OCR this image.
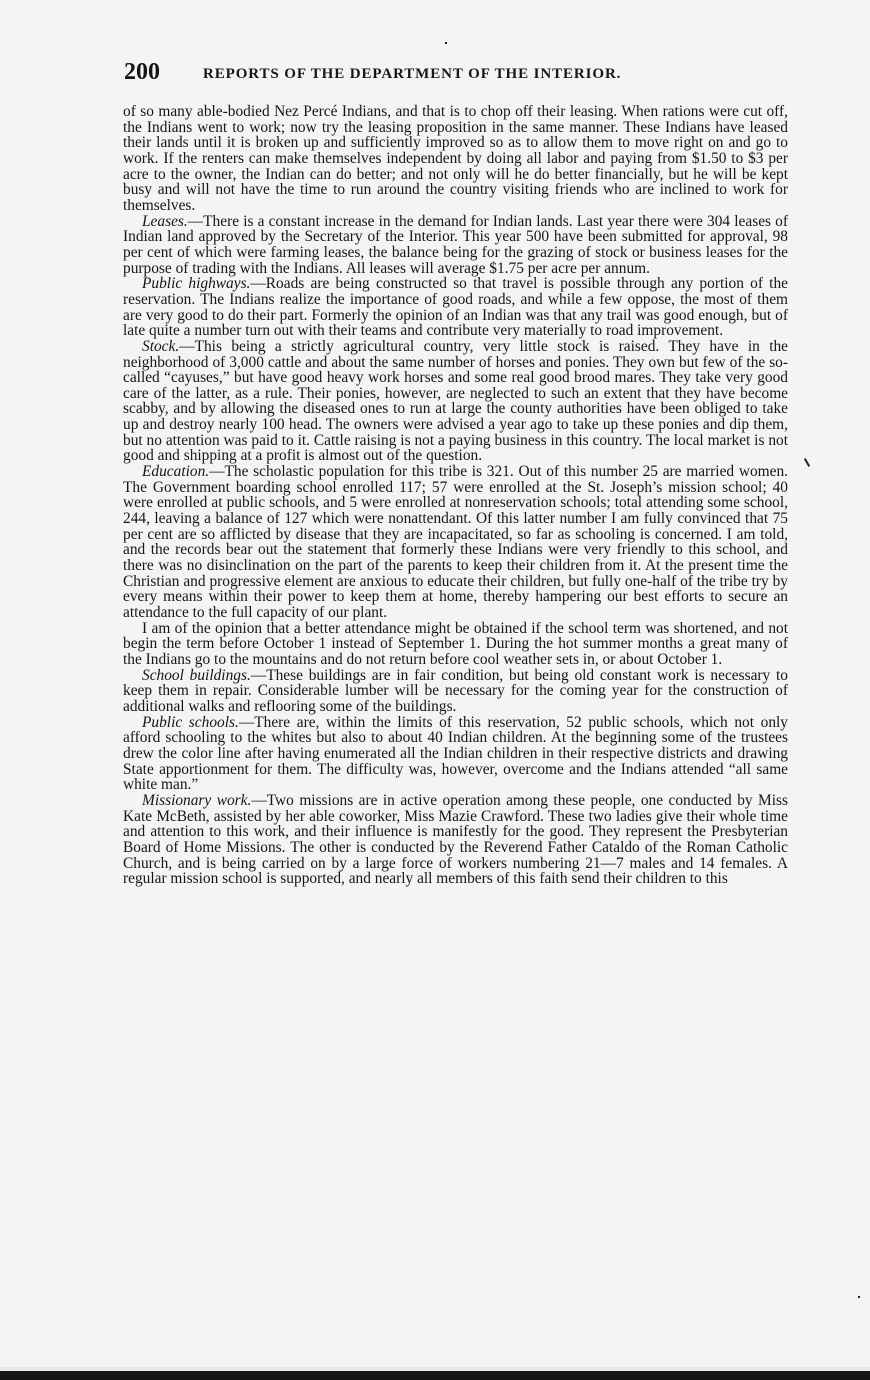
200	REPORTS OF THE DEPARTMENT OF THE INTERIOR.

of so many able-bodied Nez Percé Indians, and that is to chop off their leasing. When rations were cut off, the Indians went to work; now try the leasing proposition in the same manner. These Indians have leased their lands until it is broken up and sufficiently improved so as to allow them to move right on and go to work. If the renters can make themselves independent by doing all labor and paying from $1.50 to $3 per acre to the owner, the Indian can do better; and not only will he do better financially, but he will be kept busy and will not have the time to run around the country visiting friends who are inclined to work for themselves.

Leases.—There is a constant increase in the demand for Indian lands. Last year there were 304 leases of Indian land approved by the Secretary of the Interior. This year 500 have been submitted for approval, 98 per cent of which were farming leases, the balance being for the grazing of stock or business leases for the purpose of trading with the Indians. All leases will average $1.75 per acre per annum.

Public highways.—Roads are being constructed so that travel is possible through any portion of the reservation. The Indians realize the importance of good roads, and while a few oppose, the most of them are very good to do their part. Formerly the opinion of an Indian was that any trail was good enough, but of late quite a number turn out with their teams and contribute very materially to road improvement.

Stock.—This being a strictly agricultural country, very little stock is raised. They have in the neighborhood of 3,000 cattle and about the same number of horses and ponies. They own but few of the so-called “cayuses,” but have good heavy work horses and some real good brood mares. They take very good care of the latter, as a rule. Their ponies, however, are neglected to such an extent that they have become scabby, and by allowing the diseased ones to run at large the county authorities have been obliged to take up and destroy nearly 100 head. The owners were advised a year ago to take up these ponies and dip them, but no attention was paid to it. Cattle raising is not a paying business in this country. The local market is not good and shipping at a profit is almost out of the question.

Education.—The scholastic population for this tribe is 321. Out of this number 25 are married women. The Government boarding school enrolled 117; 57 were enrolled at the St. Joseph’s mission school; 40 were enrolled at public schools, and 5 were enrolled at nonreservation schools; total attending some school, 244, leaving a balance of 127 which were nonattendant. Of this latter number I am fully convinced that 75 per cent are so afflicted by disease that they are incapacitated, so far as schooling is concerned. I am told, and the records bear out the statement that formerly these Indians were very friendly to this school, and there was no disinclination on the part of the parents to keep their children from it. At the present time the Christian and progressive element are anxious to educate their children, but fully one-half of the tribe try by every means within their power to keep them at home, thereby hampering our best efforts to secure an attendance to the full capacity of our plant.

I am of the opinion that a better attendance might be obtained if the school term was shortened, and not begin the term before October 1 instead of September 1. During the hot summer months a great many of the Indians go to the mountains and do not return before cool weather sets in, or about October 1.

School buildings.—These buildings are in fair condition, but being old constant work is necessary to keep them in repair. Considerable lumber will be necessary for the coming year for the construction of additional walks and reflooring some of the buildings.

Public schools.—There are, within the limits of this reservation, 52 public schools, which not only afford schooling to the whites but also to about 40 Indian children. At the beginning some of the trustees drew the color line after having enumerated all the Indian children in their respective districts and drawing State apportionment for them. The difficulty was, however, overcome and the Indians attended “all same white man.”

Missionary work.—Two missions are in active operation among these people, one conducted by Miss Kate McBeth, assisted by her able coworker, Miss Mazie Crawford. These two ladies give their whole time and attention to this work, and their influence is manifestly for the good. They represent the Presbyterian Board of Home Missions. The other is conducted by the Reverend Father Cataldo of the Roman Catholic Church, and is being carried on by a large force of workers numbering 21—7 males and 14 females. A regular mission school is supported, and nearly all members of this faith send their children to this
